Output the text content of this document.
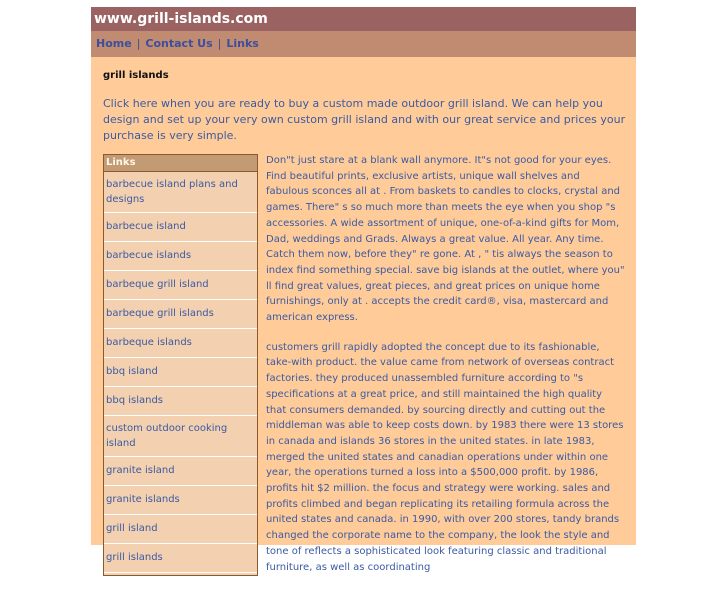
www.grill-islands.com
Home | Contact Us | Links
grill islands
Click here when you are ready to buy a custom made outdoor grill island. We can help you design and set up your very own custom grill island and with our great service and prices your purchase is very simple.
Links
barbecue island plans and designs
barbecue island
barbecue islands
barbeque grill island
barbeque grill islands
barbeque islands
bbq island
bbq islands
custom outdoor cooking island
granite island
granite islands
grill island
grill islands

Don"t just stare at a blank wall anymore. It"s not good for your eyes. Find beautiful prints, exclusive artists, unique wall shelves and fabulous sconces all at . From baskets to candles to clocks, crystal and games. There" s so much more than meets the eye when you shop "s accessories. A wide assortment of unique, one-of-a-kind gifts for Mom, Dad, weddings and Grads. Always a great value. All year. Any time. Catch them now, before they" re gone. At , " tis always the season to index find something special. save big islands at the outlet, where you" ll find great values, great pieces, and great prices on unique home furnishings, only at . accepts the credit card®, visa, mastercard and american express.

customers grill rapidly adopted the concept due to its fashionable, take-with product. the value came from network of overseas contract factories. they produced unassembled furniture according to "s specifications at a great price, and still maintained the high quality that consumers demanded. by sourcing directly and cutting out the middleman was able to keep costs down. by 1983 there were 13 stores in canada and islands 36 stores in the united states. in late 1983, merged the united states and canadian operations under within one year, the operations turned a loss into a $500,000 profit. by 1986, profits hit $2 million. the focus and strategy were working. sales and profits climbed and began replicating its retailing formula across the united states and canada. in 1990, with over 200 stores, tandy brands changed the corporate name to the company, the look the style and tone of reflects a sophisticated look featuring classic and traditional furniture, as well as coordinating
